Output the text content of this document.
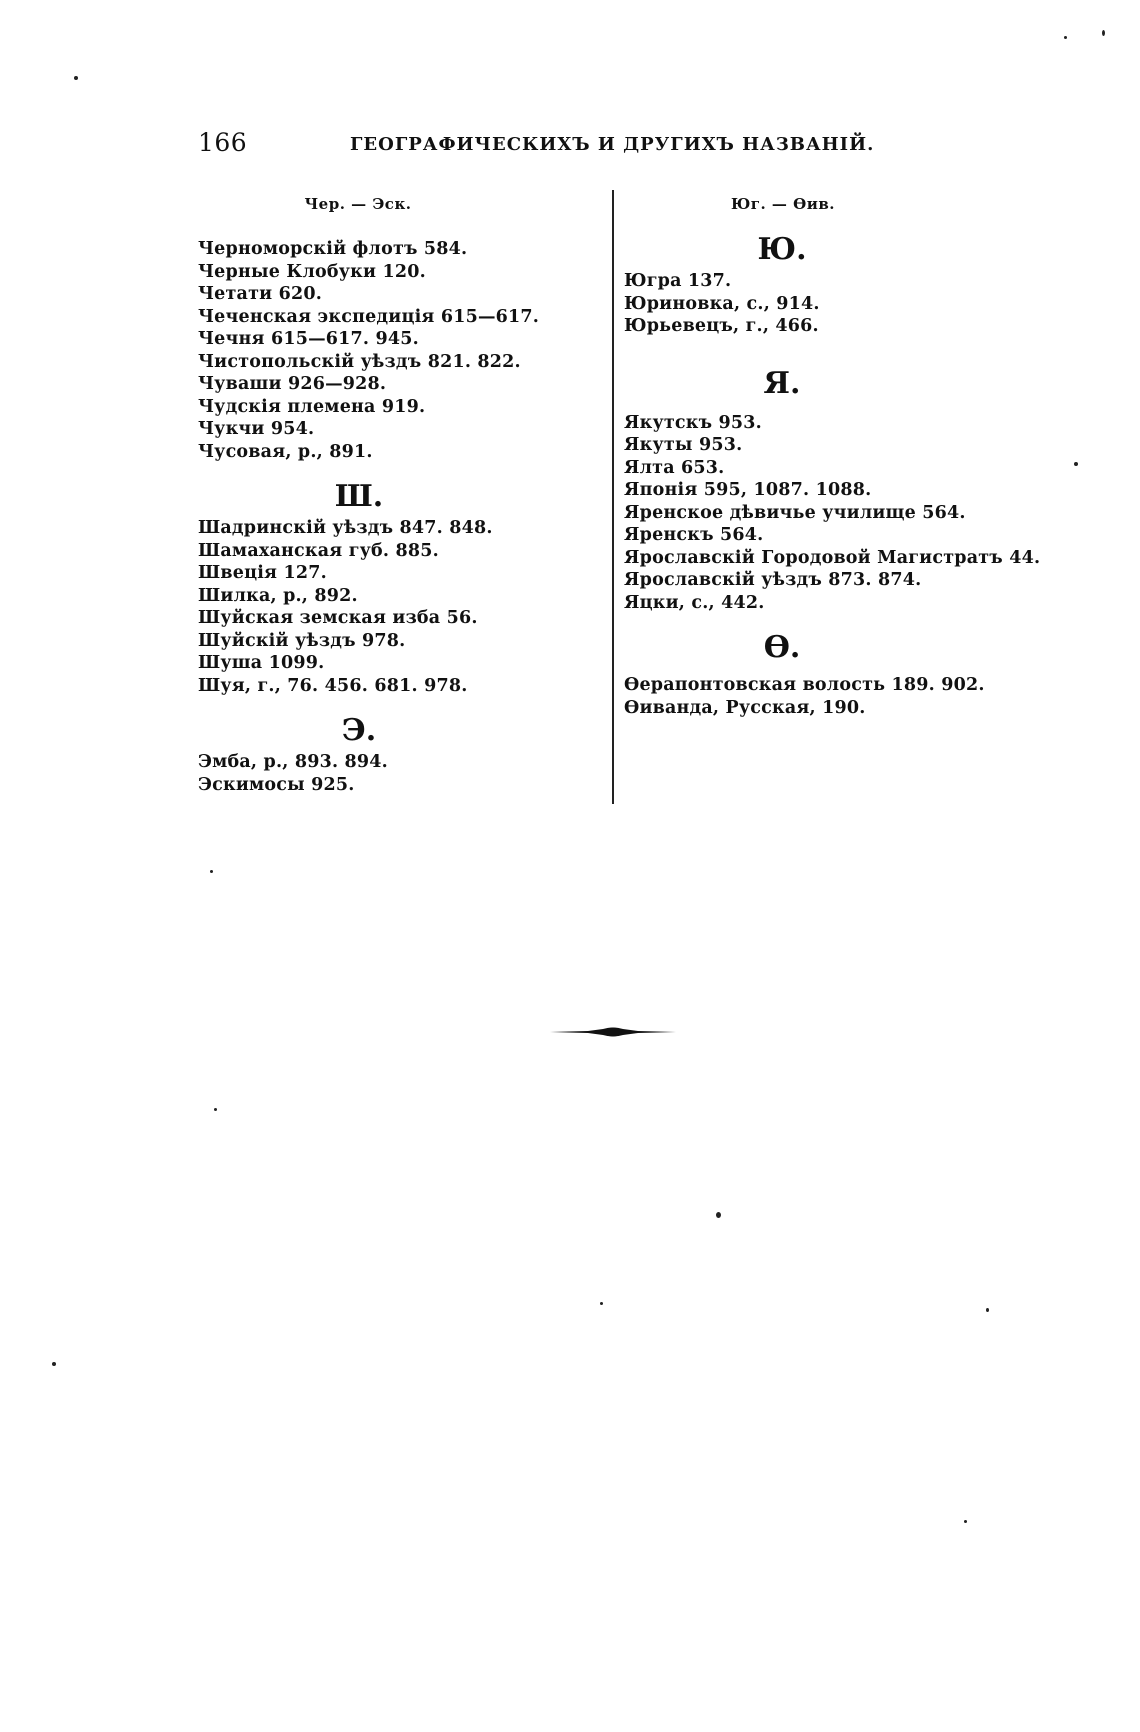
166	ГЕОГРАФИЧЕСКИХЪ И ДРУГИХЪ НАЗВАНІЙ.
Чер. — Эск.
Черноморскій флотъ 584.
Черные Клобуки 120.
Четати 620.
Чеченская экспедиція 615—617.
Чечня 615—617. 945.
Чистопольскій уѣздъ 821. 822.
Чуваши 926—928.
Чудскія племена 919.
Чукчи 954.
Чусовая, р., 891.
Ш.
Шадринскій уѣздъ 847. 848.
Шамаханская губ. 885.
Швеція 127.
Шилка, р., 892.
Шуйская земская изба 56.
Шуйскій уѣздъ 978.
Шуша 1099.
Шуя, г., 76. 456. 681. 978.
Э.
Эмба, р., 893. 894.
Эскимосы 925.
Юг. — Ѳив.
Ю.
Югра 137.
Юриновка, с., 914.
Юрьевецъ, г., 466.
Я.
Якутскъ 953.
Якуты 953.
Ялта 653.
Японія 595, 1087. 1088.
Яренское дѣвичье училище 564.
Яренскъ 564.
Ярославскій Городовой Магистратъ 44.
Ярославскій уѣздъ 873. 874.
Яцки, с., 442.
Ѳ.
Ѳерапонтовская волость 189. 902.
Ѳиванда, Русская, 190.
